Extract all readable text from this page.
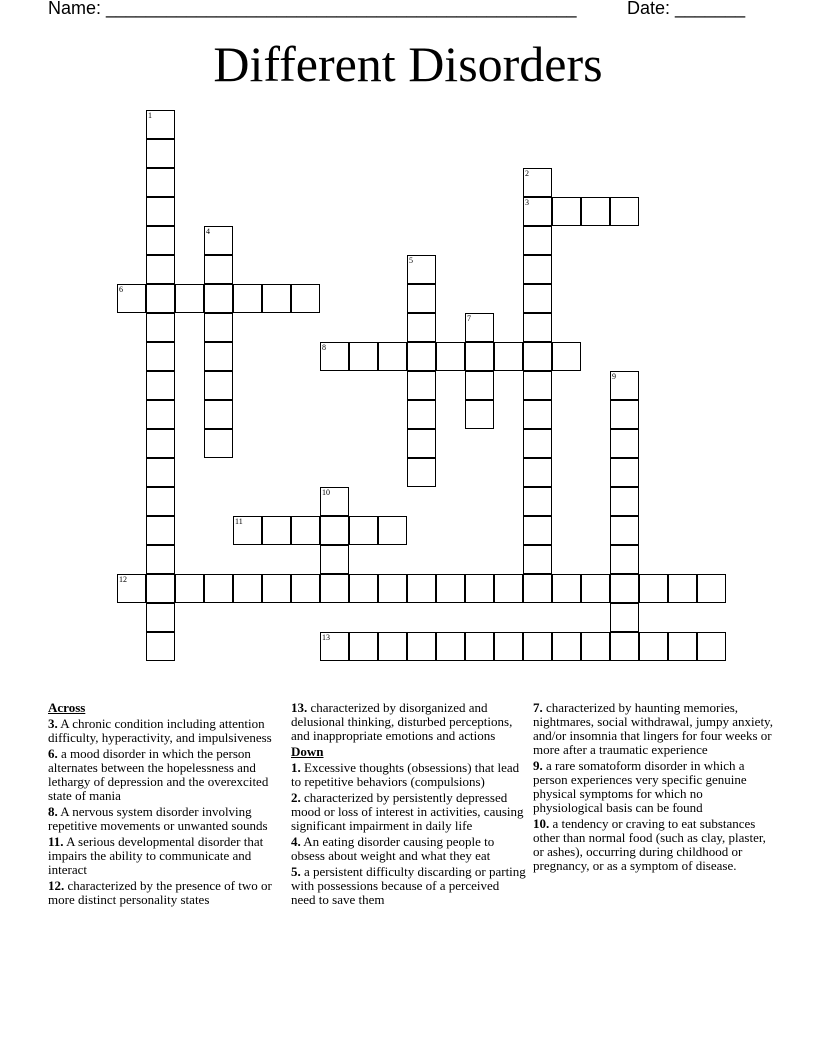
Name: _______________________________________________	Date: _______
Different Disorders
1
2
3
4
5
6
7
8
9
10
11
12
13
Across
3. A chronic condition including attention difficulty, hyperactivity, and impulsiveness
6. a mood disorder in which the person alternates between the hopelessness and lethargy of depression and the overexcited state of mania
8. A nervous system disorder involving repetitive movements or unwanted sounds
11. A serious developmental disorder that impairs the ability to communicate and interact
12. characterized by the presence of two or more distinct personality states
13. characterized by disorganized and delusional thinking, disturbed perceptions, and inappropriate emotions and actions
Down
1. Excessive thoughts (obsessions) that lead to repetitive behaviors (compulsions)
2. characterized by persistently depressed mood or loss of interest in activities, causing significant impairment in daily life
4. An eating disorder causing people to obsess about weight and what they eat
5. a persistent difficulty discarding or parting with possessions because of a perceived need to save them
7. characterized by haunting memories, nightmares, social withdrawal, jumpy anxiety, and/or insomnia that lingers for four weeks or more after a traumatic experience
9. a rare somatoform disorder in which a person experiences very specific genuine physical symptoms for which no physiological basis can be found
10. a tendency or craving to eat substances other than normal food (such as clay, plaster, or ashes), occurring during childhood or pregnancy, or as a symptom of disease.
